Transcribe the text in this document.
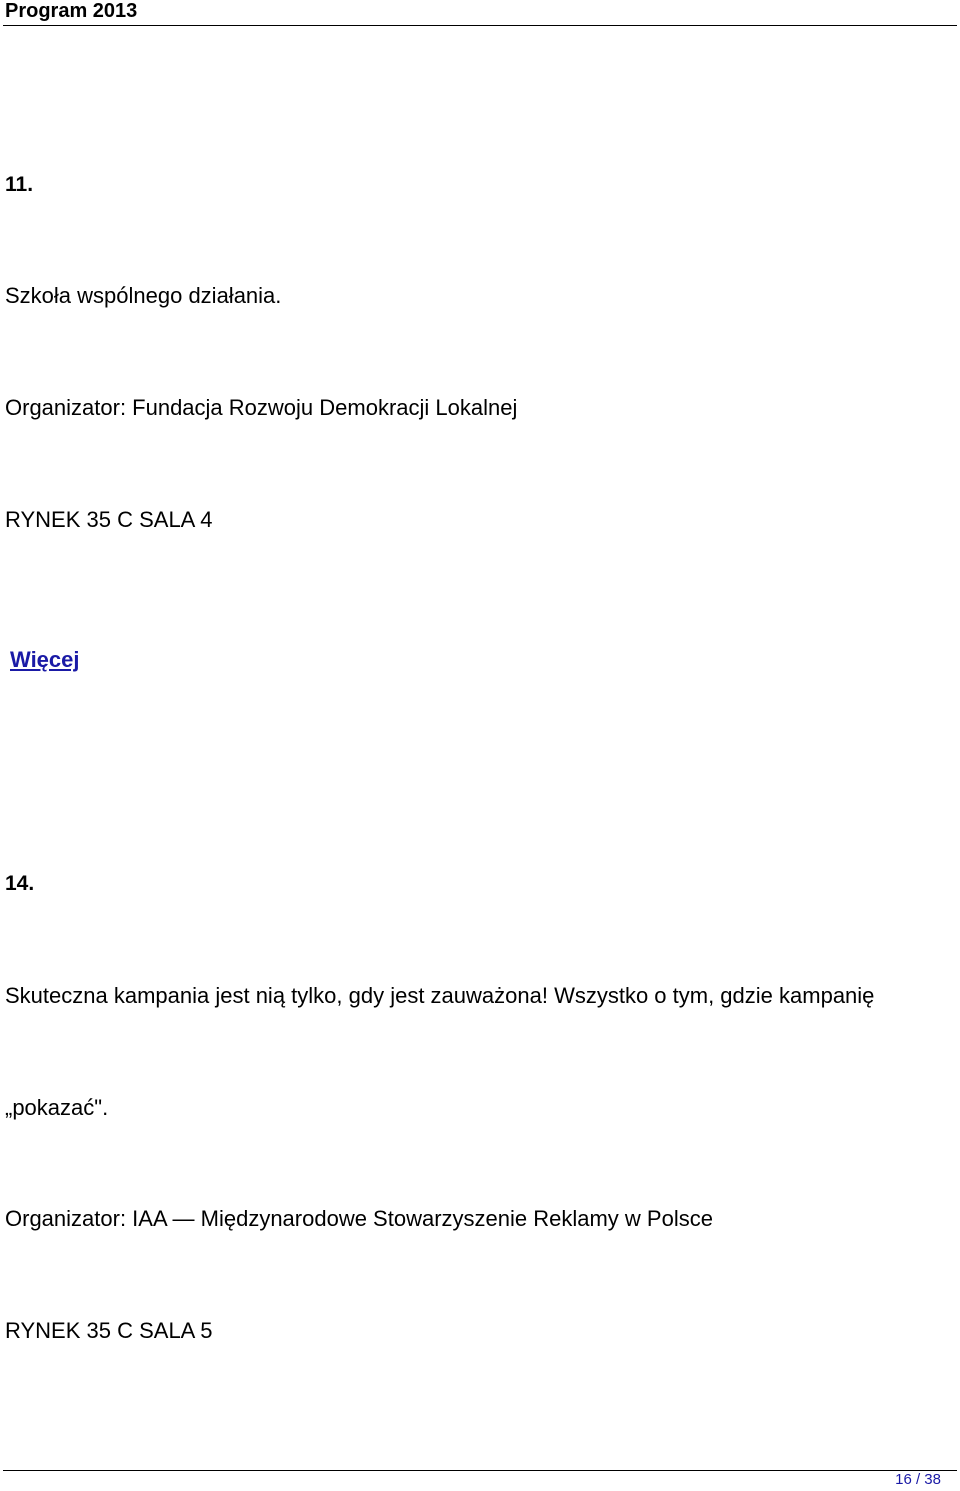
Program 2013
11.
Szkoła wspólnego działania.
Organizator: Fundacja Rozwoju Demokracji Lokalnej
RYNEK 35 C SALA 4
Więcej
14.
Skuteczna kampania jest nią tylko, gdy jest zauważona! Wszystko o tym, gdzie kampanię
„pokazać".
Organizator: IAA — Międzynarodowe Stowarzyszenie Reklamy w Polsce
RYNEK 35 C SALA 5
16 / 38
